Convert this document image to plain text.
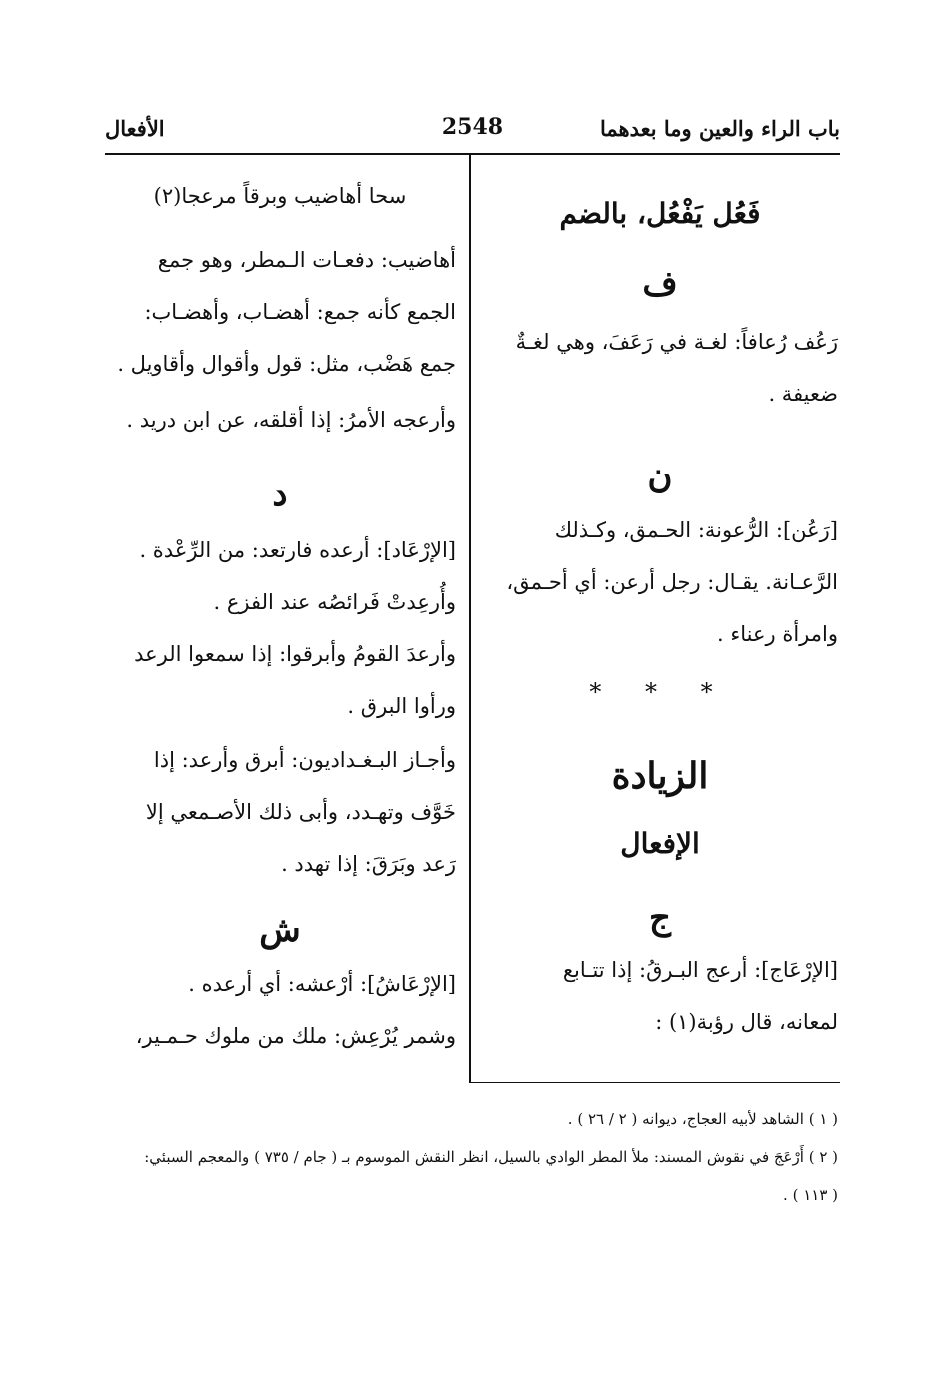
باب الراء والعين وما بعدهما
2548
الأفعال
فَعُل يَفْعُل، بالضم
ف

رَعُف رُعافاً: لغـة في رَعَفَ، وهي لغـةٌ

ضعيفة .

ن

[رَعُن]: الرُّعونة: الحـمق، وكـذلك

الرَّعـانة. يقـال: رجل أرعن: أي أحـمق،

وامرأة رعناء .

* * *
الزيادة
الإفعال
ج

[الإرْعَاج]: أرعج البـرقُ: إذا تتـابع

لمعانه، قال رؤبة(١) :

سحا أهاضيب وبرقاً مرعجا(٢)

أهاضيب: دفعـات الـمطر، وهو جمع

الجمع كأنه جمع: أهضـاب، وأهضـاب:

جمع هَضْب، مثل: قول وأقوال وأقاويل .

وأرعجه الأمرُ: إذا أقلقه، عن ابن دريد .

د

[الإرْعَاد]: أرعده فارتعد: من الرِّعْدة .

وأُرعِدتْ فَرائصُه عند الفزع .

وأرعدَ القومُ وأبرقوا: إذا سمعوا الرعد

ورأوا البرق .

وأجـاز البـغـداديون: أبرق وأرعد: إذا

خَوَّف وتهـدد، وأبى ذلك الأصـمعي إلا

رَعد وبَرَقَ: إذا تهدد .

ش

[الإرْعَاشُ]: أرْعشه: أي أرعده .

وشمر يُرْعِش: ملك من ملوك حـمـير،

( ١ ) الشاهد لأبيه العجاج، ديوانه ( ٢ / ٢٦ ) .

( ٢ ) أَرْعَجَ في نقوش المسند: ملأ المطر الوادي بالسيل، انظر النقش الموسوم بـ ( جام / ٧٣٥ ) والمعجم السبئي:

( ١١٣ ) .
